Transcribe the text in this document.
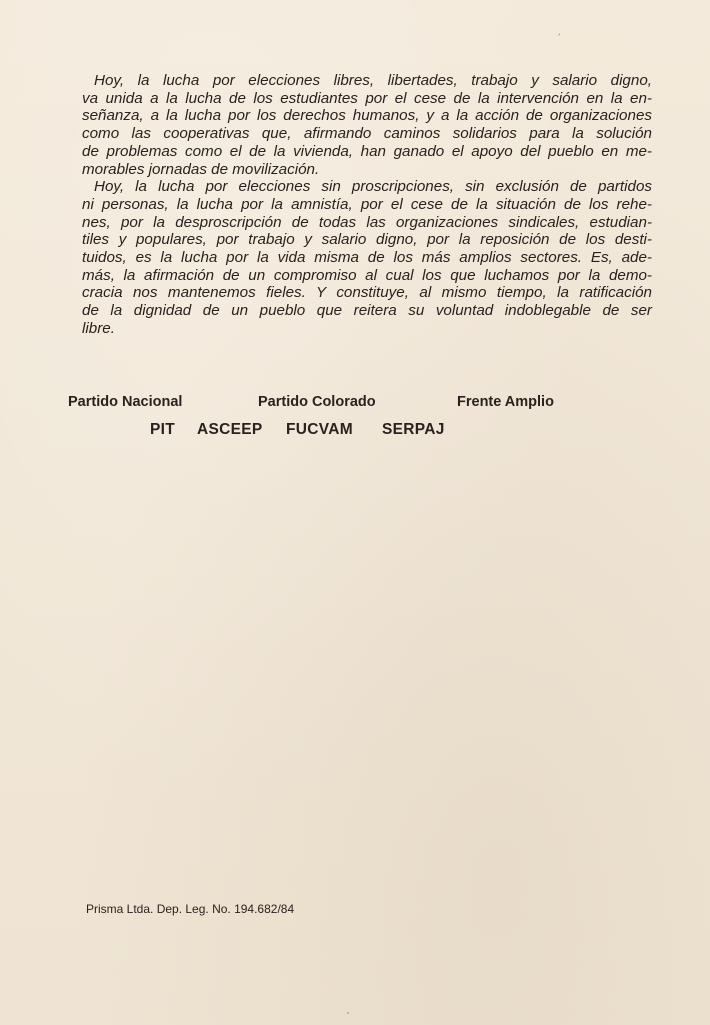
Hoy, la lucha por elecciones libres, libertades, trabajo y salario digno,
va unida a la lucha de los estudiantes por el cese de la intervención en la en-
señanza, a la lucha por los derechos humanos, y a la acción de organizaciones
como las cooperativas que, afirmando caminos solidarios para la solución
de problemas como el de la vivienda, han ganado el apoyo del pueblo en me-
morables jornadas de movilización.

Hoy, la lucha por elecciones sin proscripciones, sin exclusión de partidos
ni personas, la lucha por la amnistía, por el cese de la situación de los rehe-
nes, por la desproscripción de todas las organizaciones sindicales, estudian-
tiles y populares, por trabajo y salario digno, por la reposición de los desti-
tuidos, es la lucha por la vida misma de los más amplios sectores. Es, ade-
más, la afirmación de un compromiso al cual los que luchamos por la demo-
cracia nos mantenemos fieles. Y constituye, al mismo tiempo, la ratificación
de la dignidad de un pueblo que reitera su voluntad indoblegable de ser
libre.

Partido Nacional	Partido Colorado	Frente Amplio
PIT ASCEEP FUCVAM SERPAJ
Prisma Ltda. Dep. Leg. No. 194.682/84
ˏ
ˋ
